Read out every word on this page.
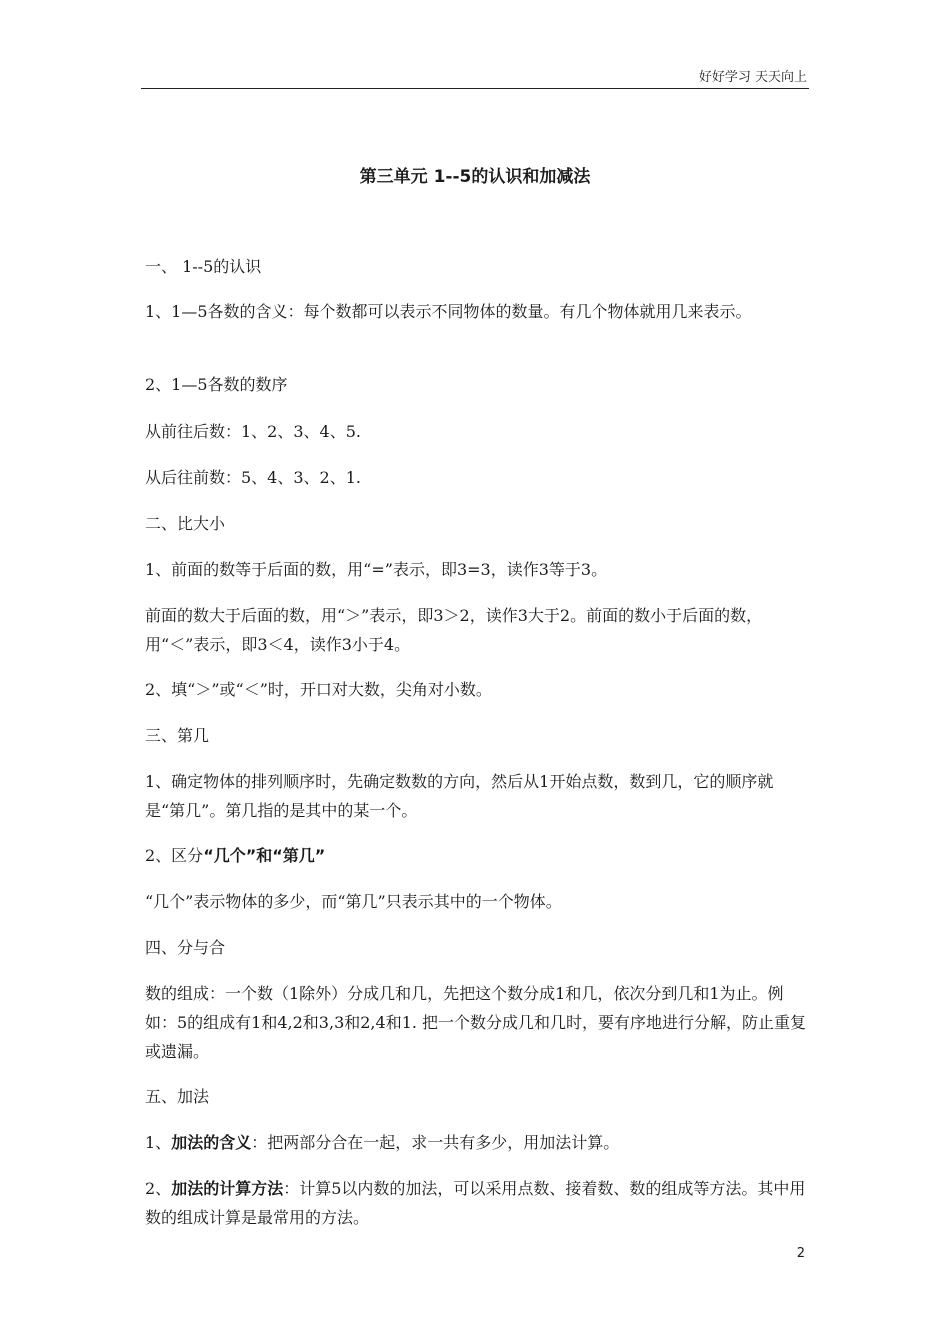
好好学习 天天向上
第三单元 1--5的认识和加减法

一、 1--5的认识

1、1—5各数的含义：每个数都可以表示不同物体的数量。有几个物体就用几来表示。

2、1—5各数的数序

从前往后数：1、2、3、4、5.

从后往前数：5、4、3、2、1.

二、比大小

1、前面的数等于后面的数，用“=”表示，即3=3，读作3等于3。

前面的数大于后面的数，用“＞”表示，即3＞2，读作3大于2。前面的数小于后面的数，用“＜”表示，即3＜4，读作3小于4。

2、填“＞”或“＜”时，开口对大数，尖角对小数。

三、第几

1、确定物体的排列顺序时，先确定数数的方向，然后从1开始点数，数到几，它的顺序就是“第几”。第几指的是其中的某一个。

2、区分“几个”和“第几”

“几个”表示物体的多少，而“第几”只表示其中的一个物体。

四、分与合

数的组成：一个数（1除外）分成几和几，先把这个数分成1和几，依次分到几和1为止。例如：5的组成有1和4,2和3,3和2,4和1. 把一个数分成几和几时，要有序地进行分解，防止重复或遗漏。

五、加法

1、加法的含义：把两部分合在一起，求一共有多少，用加法计算。

2、加法的计算方法：计算5以内数的加法，可以采用点数、接着数、数的组成等方法。其中用数的组成计算是最常用的方法。

2
